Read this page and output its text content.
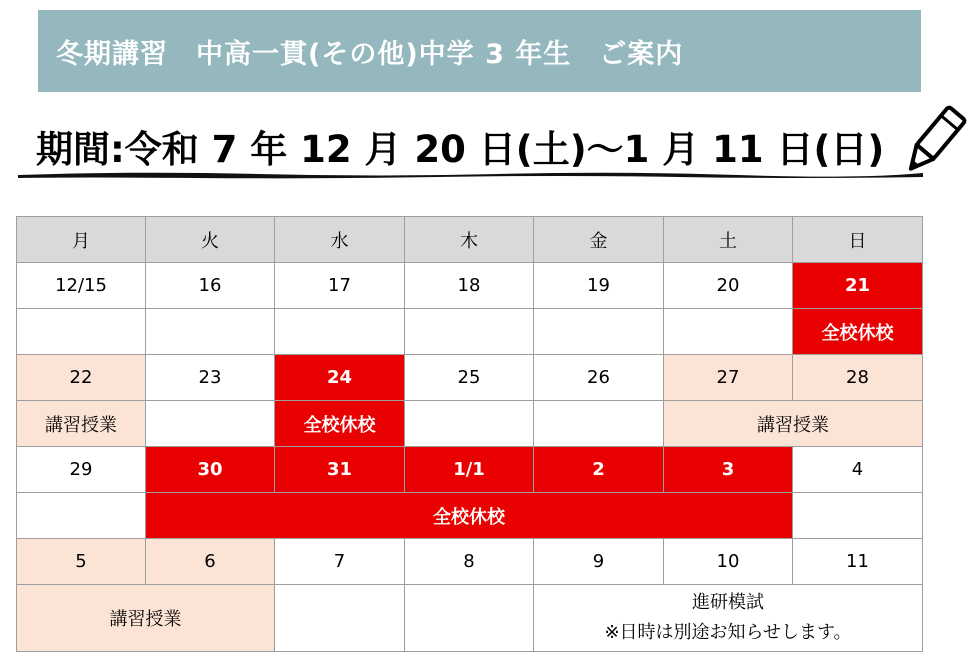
冬期講習　中高一貫(その他)中学 3 年生　ご案内
期間:令和 7 年 12 月 20 日(土)～1 月 11 日(日)
月	火	水	木	金	土	日
12/15	16	17	18	19	20	21
						全校休校
22	23	24	25	26	27	28
講習授業		全校休校			講習授業	
29	30	31	1/1	2	3	4
	全校休校					
5	6	7	8	9	10	11
講習授業				進研模試
※日時は別途お知らせします。		
